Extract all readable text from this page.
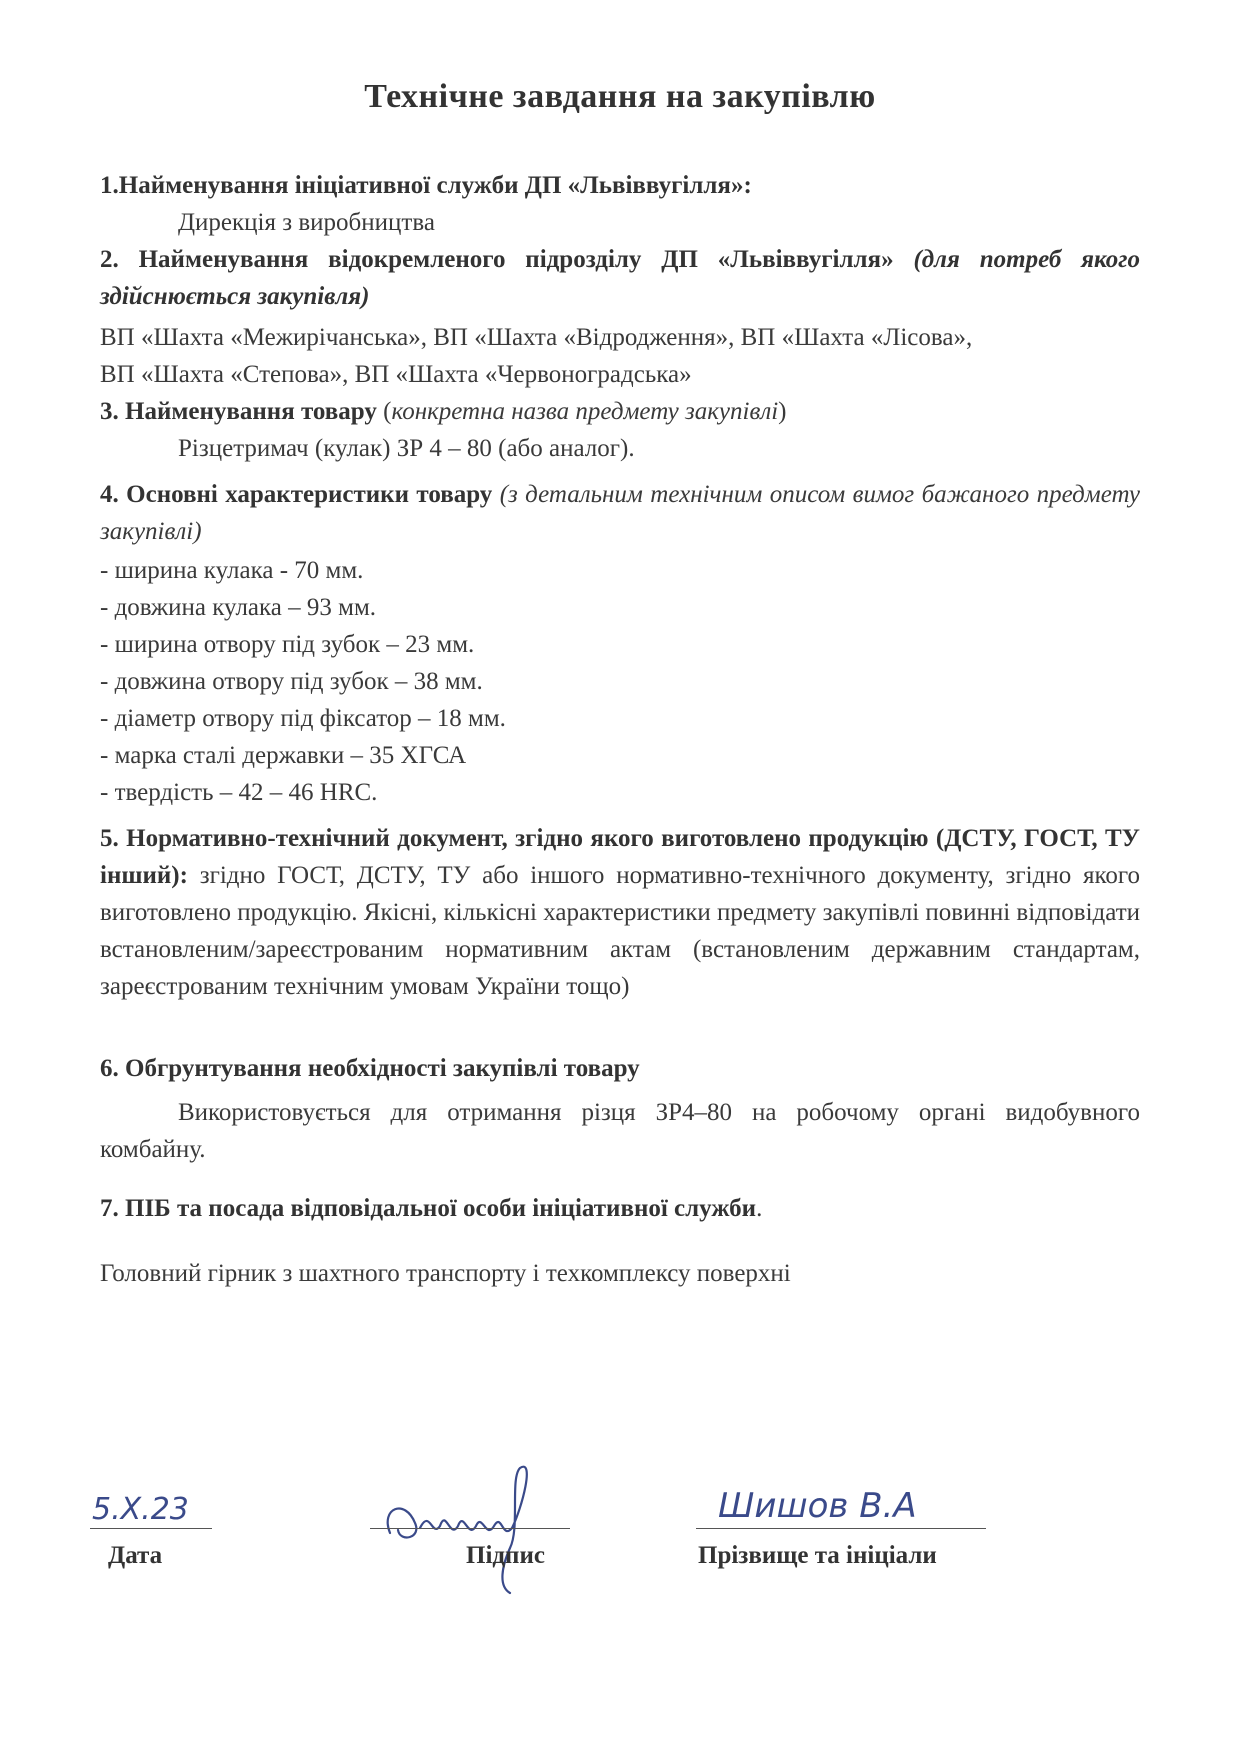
Технічне завдання на закупівлю
1.Найменування ініціативної служби ДП «Львіввугілля»:
Дирекція з виробництва
2. Найменування відокремленого підрозділу ДП «Львіввугілля» (для потреб якого здійснюється закупівля)
ВП «Шахта «Межирічанська», ВП «Шахта «Відродження», ВП «Шахта «Лісова»,
ВП «Шахта «Степова», ВП «Шахта «Червоноградська»
3. Найменування товару (конкретна назва предмету закупівлі)
Різцетримач (кулак) ЗР 4 – 80 (або аналог).
4. Основні характеристики товару (з детальним технічним описом вимог бажаного предмету закупівлі)
- ширина кулака - 70 мм.
- довжина кулака – 93 мм.
- ширина отвору під зубок – 23 мм.
- довжина отвору під зубок – 38 мм.
- діаметр отвору під фіксатор – 18 мм.
- марка сталі державки – 35 ХГСА
- твердість – 42 – 46 HRC.
5. Нормативно-технічний документ, згідно якого виготовлено продукцію (ДСТУ, ГОСТ, ТУ інший): згідно ГОСТ, ДСТУ, ТУ або іншого нормативно-технічного документу, згідно якого виготовлено продукцію. Якісні, кількісні характеристики предмету закупівлі повинні відповідати встановленим/зареєстрованим нормативним актам (встановленим державним стандартам, зареєстрованим технічним умовам України тощо)
6. Обгрунтування необхідності закупівлі товару
Використовується для отримання різця ЗР4–80 на робочому органі видобувного комбайну.
7. ПІБ та посада відповідальної особи ініціативної служби.
Головний гірник з шахтного транспорту і техкомплексу поверхні
5.Х.23
Дата
ВШшиц
Підпис
Шишов В.А
Прізвище та ініціали
